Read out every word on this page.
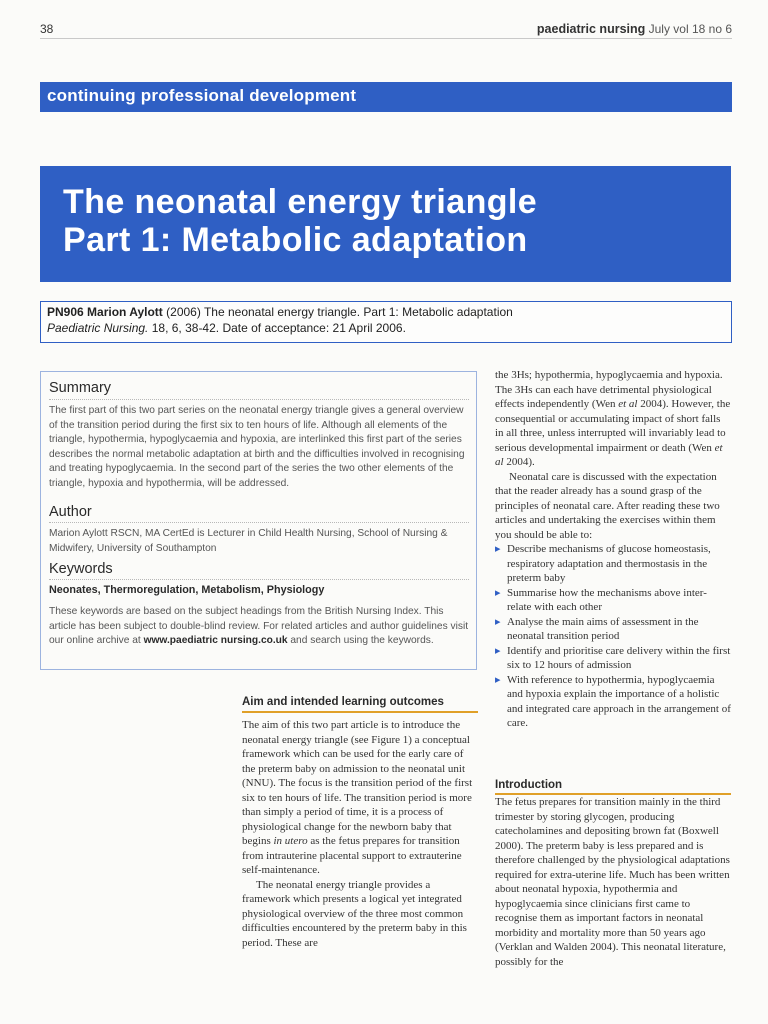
38	paediatric nursing July vol 18 no 6
continuing professional development
The neonatal energy triangle
Part 1: Metabolic adaptation
PN906 Marion Aylott (2006) The neonatal energy triangle. Part 1: Metabolic adaptation
Paediatric Nursing. 18, 6, 38-42. Date of acceptance: 21 April 2006.
Summary
The first part of this two part series on the neonatal energy triangle gives a general overview of the transition period during the first six to ten hours of life. Although all elements of the triangle, hypothermia, hypoglycaemia and hypoxia, are interlinked this first part of the series describes the normal metabolic adaptation at birth and the difficulties involved in recognising and treating hypoglycaemia. In the second part of the series the two other elements of the triangle, hypoxia and hypothermia, will be addressed.
Author
Marion Aylott RSCN, MA CertEd is Lecturer in Child Health Nursing, School of Nursing & Midwifery, University of Southampton
Keywords
Neonates, Thermoregulation, Metabolism, Physiology
These keywords are based on the subject headings from the British Nursing Index. This article has been subject to double-blind review. For related articles and author guidelines visit our online archive at www.paediatric nursing.co.uk and search using the keywords.
Aim and intended learning outcomes

The aim of this two part article is to introduce the neonatal energy triangle (see Figure 1) a conceptual framework which can be used for the early care of the preterm baby on admission to the neonatal unit (NNU). The focus is the transition period of the first six to ten hours of life. The transition period is more than simply a period of time, it is a process of physiological change for the newborn baby that begins in utero as the fetus prepares for transition from intrauterine placental support to extrauterine self-maintenance.

The neonatal energy triangle provides a framework which presents a logical yet integrated physiological overview of the three most common difficulties encountered by the preterm baby in this period. These are

the 3Hs; hypothermia, hypoglycaemia and hypoxia. The 3Hs can each have detrimental physiological effects independently (Wen et al 2004). However, the consequential or accumulating impact of short falls in all three, unless interrupted will invariably lead to serious developmental impairment or death (Wen et al 2004).

Neonatal care is discussed with the expectation that the reader already has a sound grasp of the principles of neonatal care. After reading these two articles and undertaking the exercises within them you should be able to:

▸ Describe mechanisms of glucose homeostasis, respiratory adaptation and thermostasis in the preterm baby
▸ Summarise how the mechanisms above inter-relate with each other
▸ Analyse the main aims of assessment in the neonatal transition period
▸ Identify and prioritise care delivery within the first six to 12 hours of admission
▸ With reference to hypothermia, hypoglycaemia and hypoxia explain the importance of a holistic and integrated care approach in the arrangement of care.
Introduction
The fetus prepares for transition mainly in the third trimester by storing glycogen, producing catecholamines and depositing brown fat (Boxwell 2000). The preterm baby is less prepared and is therefore challenged by the physiological adaptations required for extra-uterine life. Much has been written about neonatal hypoxia, hypothermia and hypoglycaemia since clinicians first came to recognise them as important factors in neonatal morbidity and mortality more than 50 years ago (Verklan and Walden 2004). This neonatal literature, possibly for the
